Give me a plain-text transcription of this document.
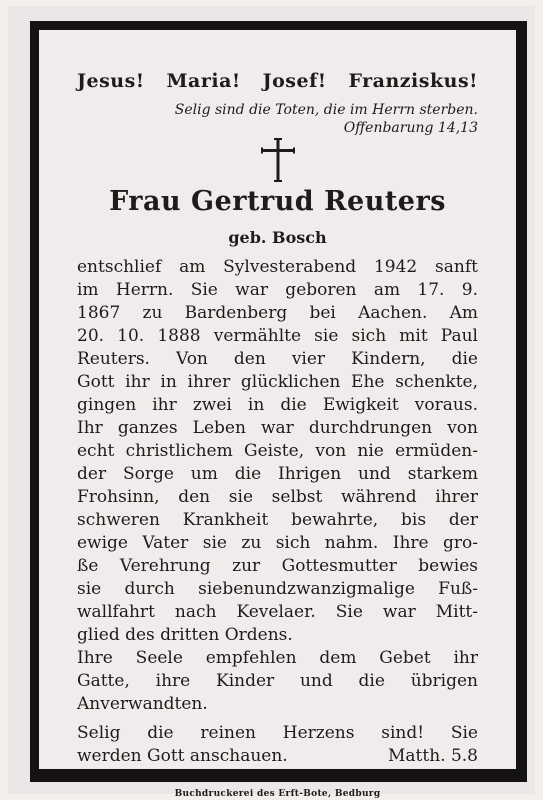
Jesus! Maria! Josef! Franziskus!
Selig sind die Toten, die im Herrn sterben.
Offenbarung 14,13
Frau Gertrud Reuters
geb. Bosch
entschlief am Sylvesterabend 1942 sanft
im Herrn. Sie war geboren am 17. 9.
1867 zu Bardenberg bei Aachen. Am
20. 10. 1888 vermählte sie sich mit Paul
Reuters. Von den vier Kindern, die
Gott ihr in ihrer glücklichen Ehe schenkte,
gingen ihr zwei in die Ewigkeit voraus.
Ihr ganzes Leben war durchdrungen von
echt christlichem Geiste, von nie ermüden-
der Sorge um die Ihrigen und starkem
Frohsinn, den sie selbst während ihrer
schweren Krankheit bewahrte, bis der
ewige Vater sie zu sich nahm. Ihre gro-
ße Verehrung zur Gottesmutter bewies
sie durch siebenundzwanzigmalige Fuß-
wallfahrt nach Kevelaer. Sie war Mitt-
glied des dritten Ordens.
Ihre Seele empfehlen dem Gebet ihr
Gatte, ihre Kinder und die übrigen
Anverwandten.
Selig die reinen Herzens sind! Sie
werden Gott anschauen.	Matth. 5.8
Buchdruckerei des Erft-Bote, Bedburg
